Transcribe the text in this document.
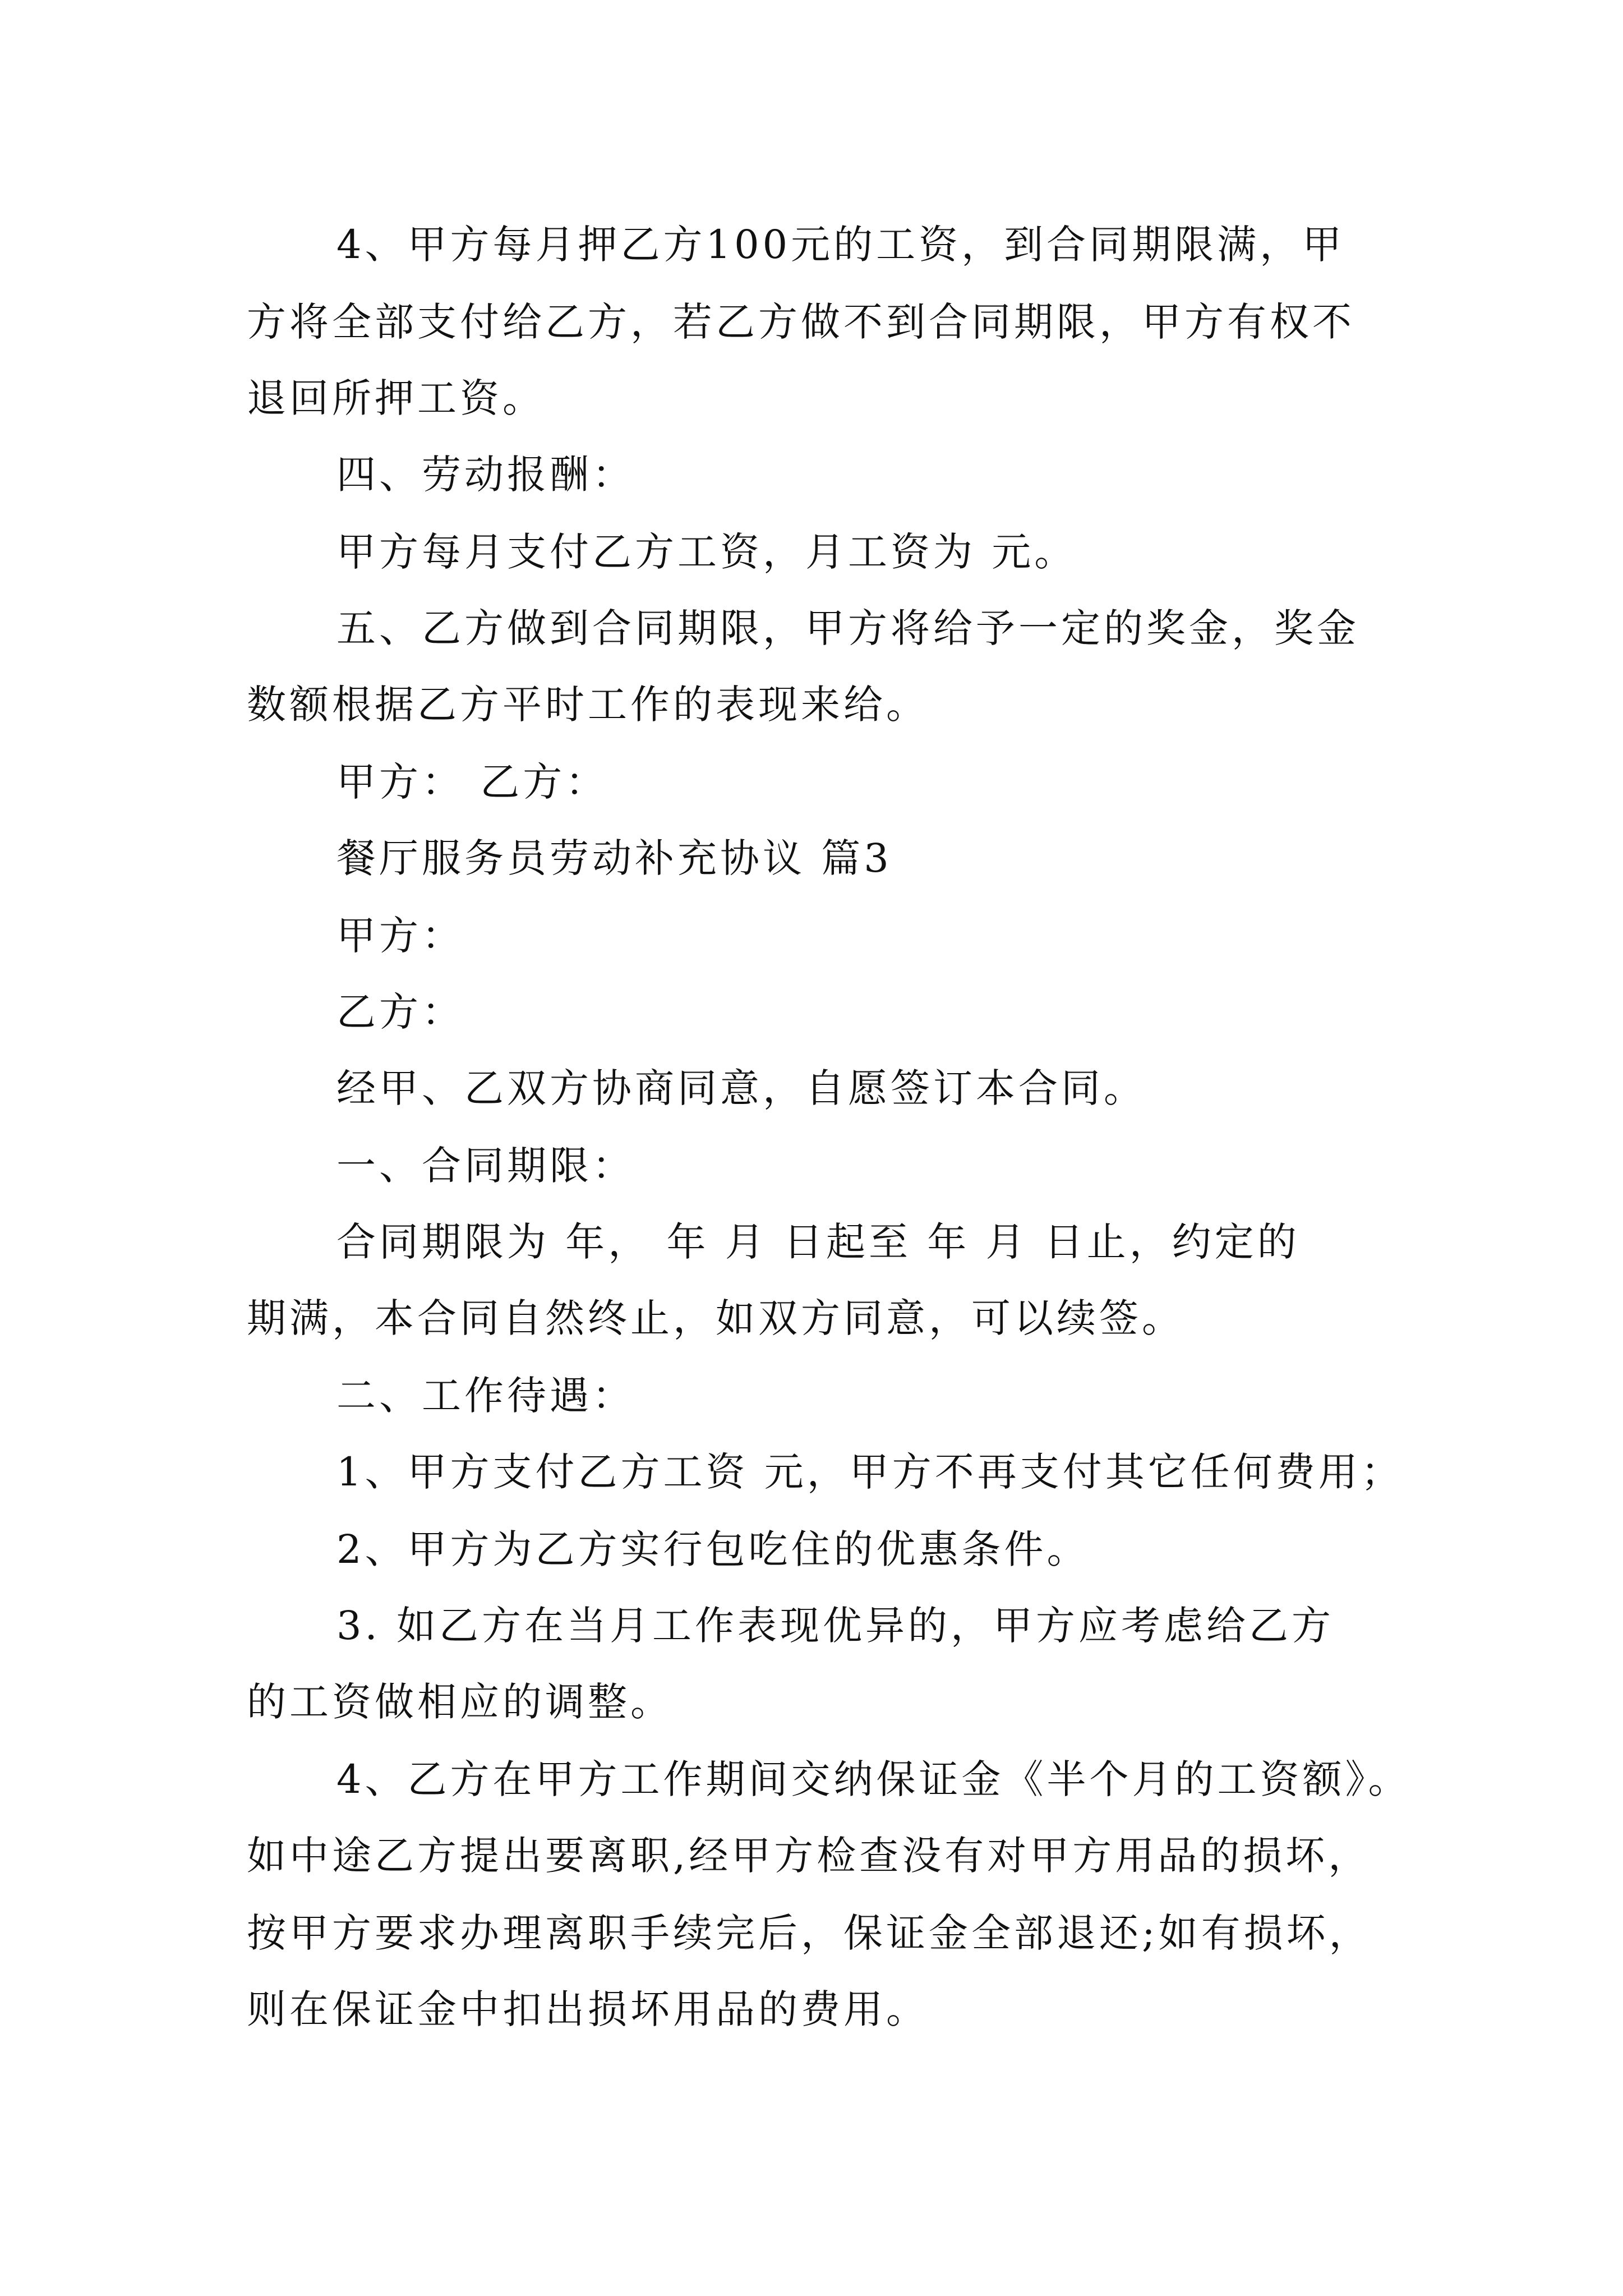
4、甲方每月押乙方100元的工资，到合同期限满，甲
方将全部支付给乙方，若乙方做不到合同期限，甲方有权不
退回所押工资。
四、劳动报酬：
甲方每月支付乙方工资，月工资为 元。
五、乙方做到合同期限，甲方将给予一定的奖金，奖金
数额根据乙方平时工作的表现来给。
甲方： 乙方：
餐厅服务员劳动补充协议 篇3
甲方：
乙方：
经甲、乙双方协商同意，自愿签订本合同。
一、合同期限：
合同期限为 年， 年 月 日起至 年 月 日止，约定的
期满，本合同自然终止，如双方同意，可以续签。
二、工作待遇：
1、甲方支付乙方工资 元，甲方不再支付其它任何费用；
2、甲方为乙方实行包吃住的优惠条件。
3. 如乙方在当月工作表现优异的，甲方应考虑给乙方
的工资做相应的调整。
4、乙方在甲方工作期间交纳保证金《半个月的工资额》。
如中途乙方提出要离职,经甲方检查没有对甲方用品的损坏，
按甲方要求办理离职手续完后，保证金全部退还;如有损坏，
则在保证金中扣出损坏用品的费用。
